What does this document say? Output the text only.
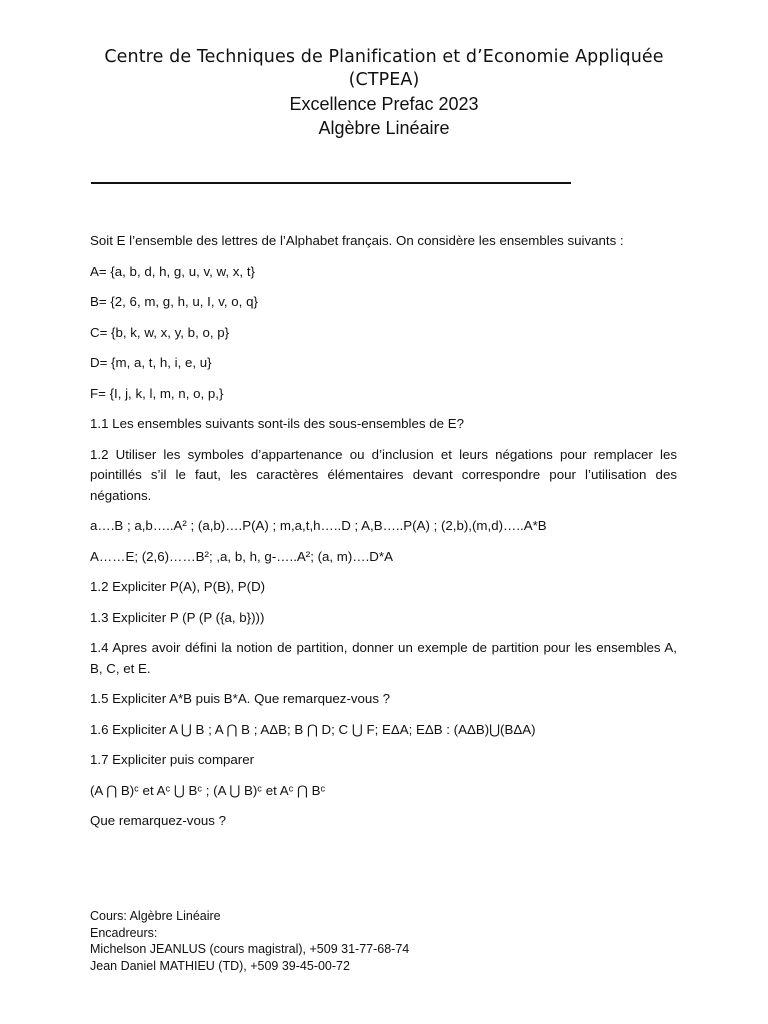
Centre de Techniques de Planification et d’Economie Appliquée (CTPEA)
Excellence Prefac 2023
Algèbre Linéaire

Soit E l’ensemble des lettres de l’Alphabet français. On considère les ensembles suivants :

A= {a, b, d, h, g, u, v, w, x, t}

B= {2, 6, m, g, h, u, I, v, o, q}

C= {b, k, w, x, y, b, o, p}

D= {m, a, t, h, i, e, u}

F= {I, j, k, l, m, n, o, p,}

1.1 Les ensembles suivants sont-ils des sous-ensembles de E?

1.2 Utiliser les symboles d’appartenance ou d’inclusion et leurs négations pour remplacer les pointillés s’il le faut, les caractères élémentaires devant correspondre pour l’utilisation des négations.

a….B ; a,b…..A² ; (a,b)….P(A) ; m,a,t,h…..D ; A,B…..P(A) ; (2,b),(m,d)…..A*B

A……E; (2,6)……B²; ,a, b, h, g-…..A²; (a, m)….D*A

1.2 Expliciter P(A), P(B), P(D)

1.3 Expliciter P (P (P ({a, b})))

1.4 Apres avoir défini la notion de partition, donner un exemple de partition pour les ensembles A, B, C, et E.

1.5 Expliciter A*B puis B*A. Que remarquez-vous ?

1.6 Expliciter A ⋃ B ; A ⋂ B ; AΔB; B ⋂ D; C ⋃ F; EΔA; EΔB : (AΔB)⋃(BΔA)

1.7 Expliciter puis comparer

(A ⋂ B)ᶜ et Aᶜ ⋃ Bᶜ ; (A ⋃ B)ᶜ et Aᶜ ⋂ Bᶜ

Que remarquez-vous ?

Cours: Algèbre Linéaire
Encadreurs:
Michelson JEANLUS (cours magistral), +509 31-77-68-74
Jean Daniel MATHIEU (TD), +509 39-45-00-72
